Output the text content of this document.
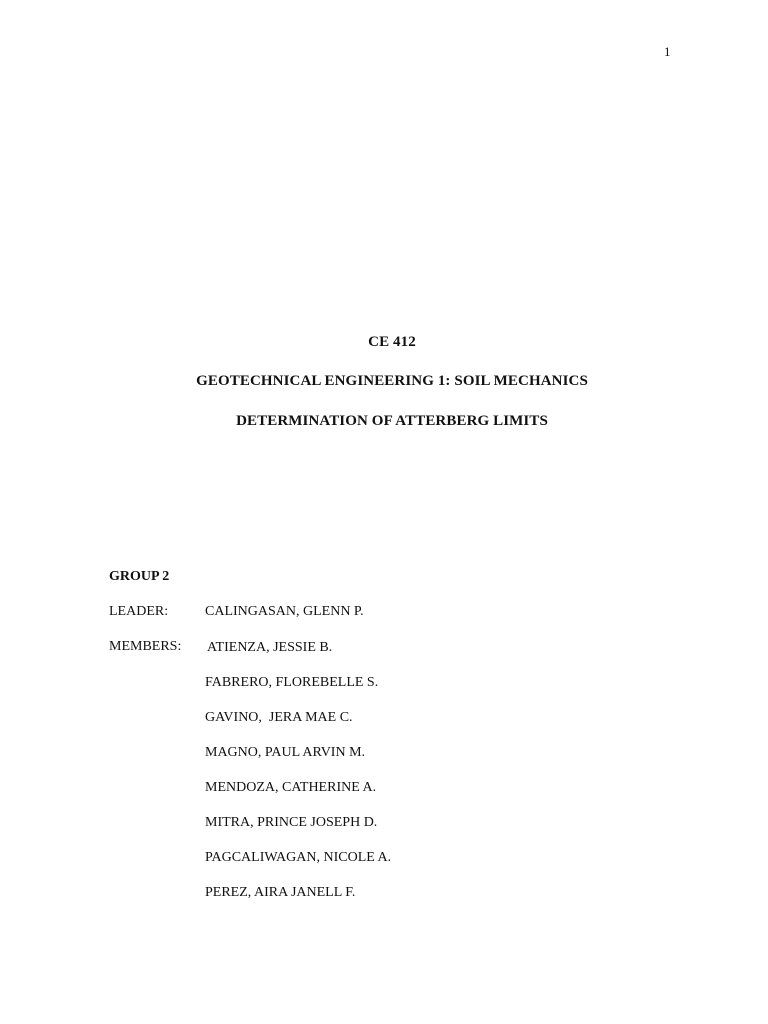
1
CE 412
GEOTECHNICAL ENGINEERING 1: SOIL MECHANICS
DETERMINATION OF ATTERBERG LIMITS
GROUP 2
LEADER:	CALINGASAN, GLENN P.
MEMBERS: ATIENZA, JESSIE B.
FABRERO, FLOREBELLE S.
GAVINO,  JERA MAE C.
MAGNO, PAUL ARVIN M.
MENDOZA, CATHERINE A.
MITRA, PRINCE JOSEPH D.
PAGCALIWAGAN, NICOLE A.
PEREZ, AIRA JANELL F.
